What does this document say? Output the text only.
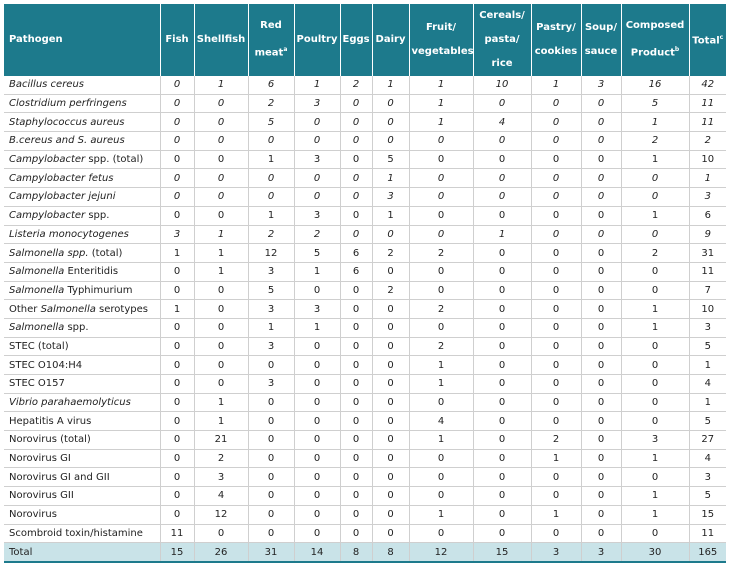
Pathogen	Fish	Shellfish	Red meat$^a$	Poultry	Eggs	Dairy	Fruit/ vegetables	Cereals/ pasta/ rice	Pastry/ cookies	Soup/ sauce	Composed Product$^b$	Total$^c$
Bacillus cereus	0	1	6	1	2	1	1	10	1	3	16	42
Clostridium perfringens	0	0	2	3	0	0	1	0	0	0	5	11
Staphylococcus aureus	0	0	5	0	0	0	1	4	0	0	1	11
B.cereus and S. aureus	0	0	0	0	0	0	0	0	0	0	2	2
Campylobacter spp. (total)	0	0	1	3	0	5	0	0	0	0	1	10
Campylobacter fetus	0	0	0	0	0	1	0	0	0	0	0	1
Campylobacter jejuni	0	0	0	0	0	3	0	0	0	0	0	3
Campylobacter spp.	0	0	1	3	0	1	0	0	0	0	1	6
Listeria monocytogenes	3	1	2	2	0	0	0	1	0	0	0	9
Salmonella spp. (total)	1	1	12	5	6	2	2	0	0	0	2	31
Salmonella Enteritidis	0	1	3	1	6	0	0	0	0	0	0	11
Salmonella Typhimurium	0	0	5	0	0	2	0	0	0	0	0	7
Other Salmonella serotypes	1	0	3	3	0	0	2	0	0	0	1	10
Salmonella spp.	0	0	1	1	0	0	0	0	0	0	1	3
STEC (total)	0	0	3	0	0	0	2	0	0	0	0	5
STEC O104:H4	0	0	0	0	0	0	1	0	0	0	0	1
STEC O157	0	0	3	0	0	0	1	0	0	0	0	4
Vibrio parahaemolyticus	0	1	0	0	0	0	0	0	0	0	0	1
Hepatitis A virus	0	1	0	0	0	0	4	0	0	0	0	5
Norovirus (total)	0	21	0	0	0	0	1	0	2	0	3	27
Norovirus GI	0	2	0	0	0	0	0	0	1	0	1	4
Norovirus GI and GII	0	3	0	0	0	0	0	0	0	0	0	3
Norovirus GII	0	4	0	0	0	0	0	0	0	0	1	5
Norovirus	0	12	0	0	0	0	1	0	1	0	1	15
Scombroid toxin/histamine	11	0	0	0	0	0	0	0	0	0	0	11
Total	15	26	31	14	8	8	12	15	3	3	30	165
